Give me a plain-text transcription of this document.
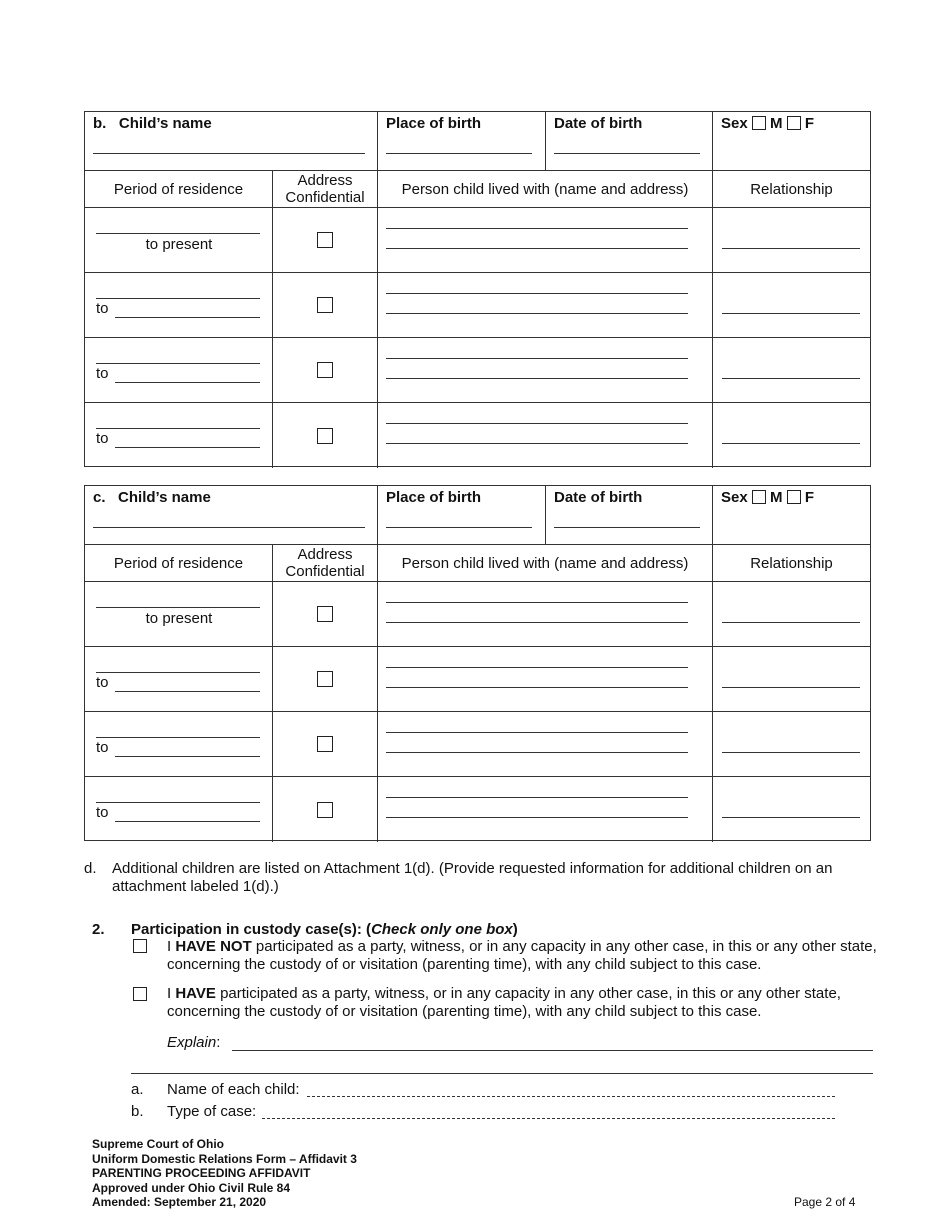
b. Child’s name	Place of birth	Date of birth	Sex M F
Period of residence	Address Confidential	Person child lived with (name and address)	Relationship
to present
to
to
to
c. Child’s name	Place of birth	Date of birth	Sex M F
Period of residence	Address Confidential	Person child lived with (name and address)	Relationship
to present
to
to
to
d. Additional children are listed on Attachment 1(d). (Provide requested information for additional children on an attachment labeled 1(d).)
2. Participation in custody case(s): (Check only one box)
I HAVE NOT participated as a party, witness, or in any capacity in any other case, in this or any other state, concerning the custody of or visitation (parenting time), with any child subject to this case.
I HAVE participated as a party, witness, or in any capacity in any other case, in this or any other state, concerning the custody of or visitation (parenting time), with any child subject to this case.
Explain:
a. Name of each child:
b. Type of case:
Supreme Court of Ohio
Uniform Domestic Relations Form – Affidavit 3
PARENTING PROCEEDING AFFIDAVIT
Approved under Ohio Civil Rule 84
Amended: September 21, 2020	Page 2 of 4
